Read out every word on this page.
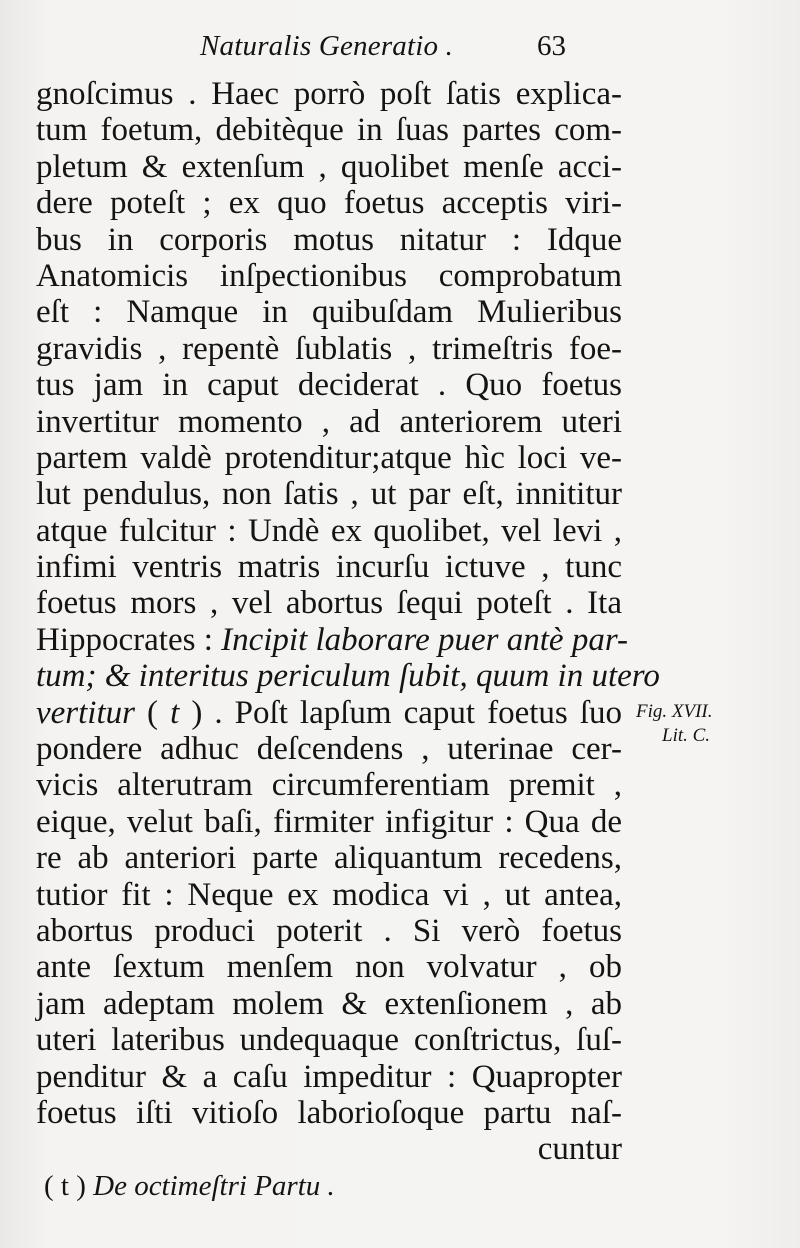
Naturalis Generatio .	63
gnoſcimus . Haec porrò poſt ſatis explica-
tum foetum, debitèque in ſuas partes com-
pletum & extenſum , quolibet menſe acci-
dere poteſt ; ex quo foetus acceptis viri-
bus in corporis motus nitatur : Idque
Anatomicis inſpectionibus comprobatum
eſt : Namque in quibuſdam Mulieribus
gravidis , repentè ſublatis , trimeſtris foe-
tus jam in caput deciderat . Quo foetus
invertitur momento , ad anteriorem uteri
partem valdè protenditur;atque hìc loci ve-
lut pendulus, non ſatis , ut par eſt, innititur
atque fulcitur : Undè ex quolibet, vel levi ,
infimi ventris matris incurſu ictuve , tunc
foetus mors , vel abortus ſequi poteſt . Ita
Hippocrates : Incipit laborare puer antè par-
tum; & interitus periculum ſubit, quum in utero
vertitur ( t ) . Poſt lapſum caput foetus ſuo
pondere adhuc deſcendens , uterinae cer-
vicis alterutram circumferentiam premit ,
eique, velut baſi, firmiter infigitur : Qua de
re ab anteriori parte aliquantum recedens,
tutior fit : Neque ex modica vi , ut antea,
abortus produci poterit . Si verò foetus
ante ſextum menſem non volvatur , ob
jam adeptam molem & extenſionem , ab
uteri lateribus undequaque conſtrictus, ſuſ-
penditur & a caſu impeditur : Quapropter
foetus iſti vitioſo laborioſoque partu naſ-
cuntur
Fig. XVII.
Lit. C.
( t ) De octimeſtri Partu .
